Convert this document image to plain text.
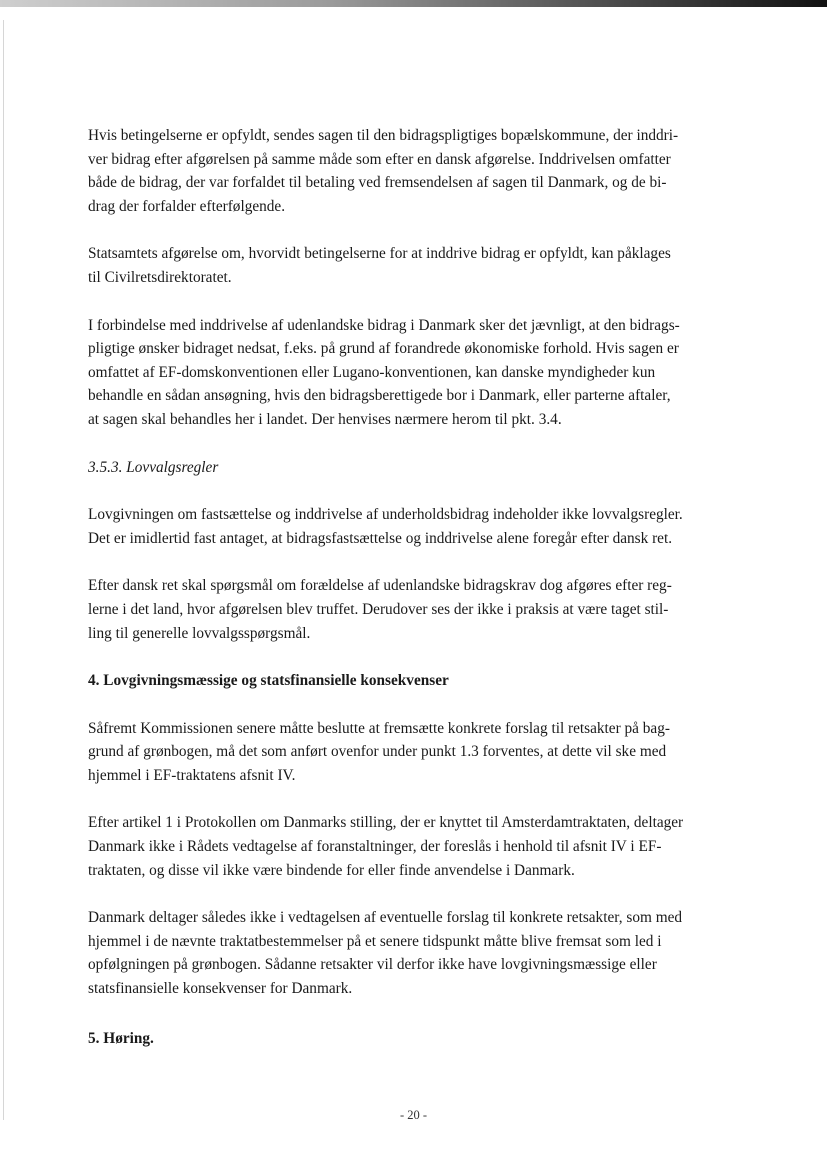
Hvis betingelserne er opfyldt, sendes sagen til den bidragspligtiges bopælskommune, der inddri-

ver bidrag efter afgørelsen på samme måde som efter en dansk afgørelse. Inddrivelsen omfatter

både de bidrag, der var forfaldet til betaling ved fremsendelsen af sagen til Danmark, og de bi-

drag der forfalder efterfølgende.

Statsamtets afgørelse om, hvorvidt betingelserne for at inddrive bidrag er opfyldt, kan påklages

til Civilretsdirektoratet.

I forbindelse med inddrivelse af udenlandske bidrag i Danmark sker det jævnligt, at den bidrags-

pligtige ønsker bidraget nedsat, f.eks. på grund af forandrede økonomiske forhold. Hvis sagen er

omfattet af EF-domskonventionen eller Lugano-konventionen, kan danske myndigheder kun

behandle en sådan ansøgning, hvis den bidragsberettigede bor i Danmark, eller parterne aftaler,

at sagen skal behandles her i landet. Der henvises nærmere herom til pkt. 3.4.

3.5.3. Lovvalgsregler

Lovgivningen om fastsættelse og inddrivelse af underholdsbidrag indeholder ikke lovvalgsregler.

Det er imidlertid fast antaget, at bidragsfastsættelse og inddrivelse alene foregår efter dansk ret.

Efter dansk ret skal spørgsmål om forældelse af udenlandske bidragskrav dog afgøres efter reg-

lerne i det land, hvor afgørelsen blev truffet. Derudover ses der ikke i praksis at være taget stil-

ling til generelle lovvalgsspørgsmål.

4. Lovgivningsmæssige og statsfinansielle konsekvenser

Såfremt Kommissionen senere måtte beslutte at fremsætte konkrete forslag til retsakter på bag-

grund af grønbogen, må det som anført ovenfor under punkt 1.3 forventes, at dette vil ske med

hjemmel i EF-traktatens afsnit IV.

Efter artikel 1 i Protokollen om Danmarks stilling, der er knyttet til Amsterdamtraktaten, deltager

Danmark ikke i Rådets vedtagelse af foranstaltninger, der foreslås i henhold til afsnit IV i EF-

traktaten, og disse vil ikke være bindende for eller finde anvendelse i Danmark.

Danmark deltager således ikke i vedtagelsen af eventuelle forslag til konkrete retsakter, som med

hjemmel i de nævnte traktatbestemmelser på et senere tidspunkt måtte blive fremsat som led i

opfølgningen på grønbogen. Sådanne retsakter vil derfor ikke have lovgivningsmæssige eller

statsfinansielle konsekvenser for Danmark.

5. Høring.

- 20 -
